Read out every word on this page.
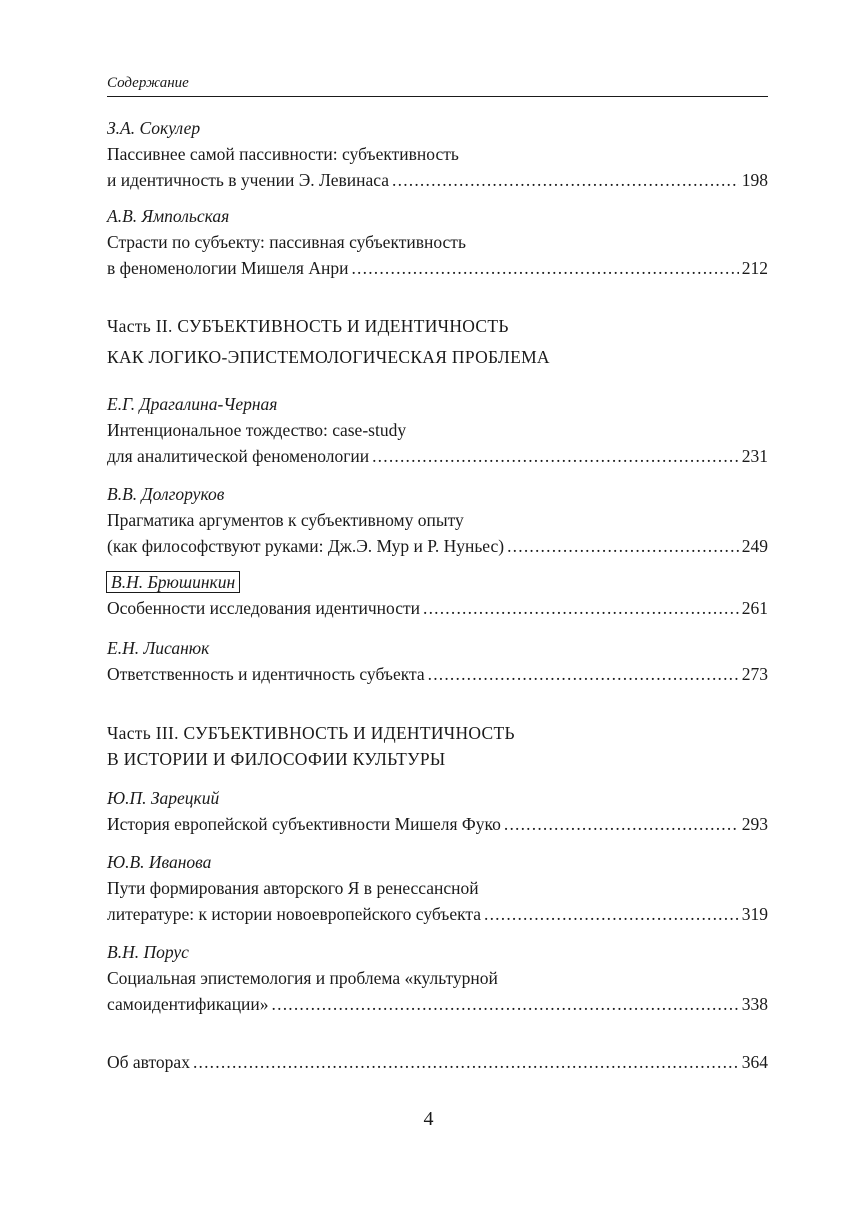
Содержание
З.А. Сокулер
Пассивнее самой пассивности: субъективность
и идентичность в учении Э. Левинаса .....	198
А.В. Ямпольская
Страсти по субъекту: пассивная субъективность
в феноменологии Мишеля Анри .....	212
Часть II. СУБЪЕКТИВНОСТЬ И ИДЕНТИЧНОСТЬ
КАК ЛОГИКО-ЭПИСТЕМОЛОГИЧЕСКАЯ ПРОБЛЕМА
Е.Г. Драгалина-Черная
Интенциональное тождество: case-study
для аналитической феноменологии .....	231
В.В. Долгоруков
Прагматика аргументов к субъективному опыту
(как философствуют руками: Дж.Э. Мур и Р. Нуньес) .....	249
В.Н. Брюшинкин
Особенности исследования идентичности .....	261
Е.Н. Лисанюк
Ответственность и идентичность субъекта .....	273
Часть III. СУБЪЕКТИВНОСТЬ И ИДЕНТИЧНОСТЬ
В ИСТОРИИ И ФИЛОСОФИИ КУЛЬТУРЫ
Ю.П. Зарецкий
История европейской субъективности Мишеля Фуко .....	293
Ю.В. Иванова
Пути формирования авторского Я в ренессансной
литературе: к истории новоевропейского субъекта .....	319
В.Н. Порус
Социальная эпистемология и проблема «культурной
самоидентификации» .....	338
Об авторах .....	364
4
